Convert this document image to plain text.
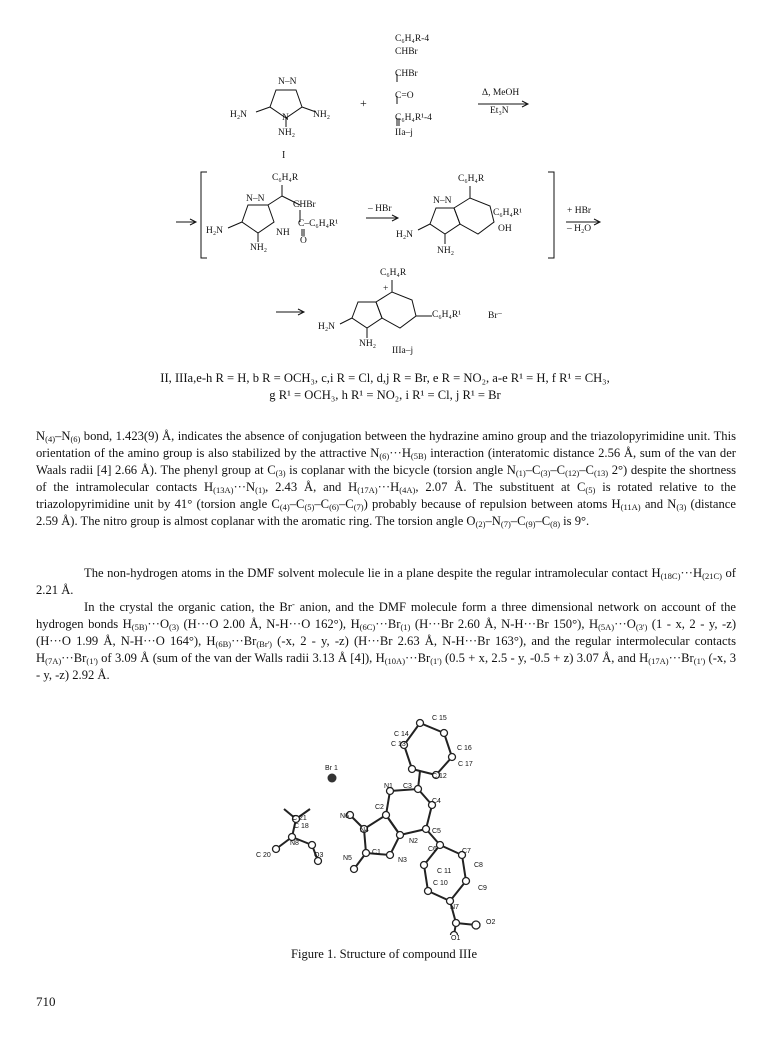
C₆H₄R-4
CHBr
CHBr
C=O
C₆H₄R¹-4
IIa–j
+
N–N
H₂N	NH₂
N
NH₂
I
Δ, MeOH
Et₃N
C₆H₄R
CHBr
N–N
C–C₆H₄R¹
O
NH
H₂N
NH₂
– HBr
C₆H₄R
N–N
C₆H₄R¹
OH
H₂N
NH₂
+ HBr
– H₂O
C₆H₄R
+
C₆H₄R¹	Br⁻
H₂N
NH₂
IIIa–j
II, IIIa,e-h R = H, b R = OCH₃, c,i R = Cl, d,j R = Br, e R = NO₂, a-e R¹ = H, f R¹ = CH₃,
g R¹ = OCH₃, h R¹ = NO₂, i R¹ = Cl, j R¹ = Br

$N_{(4)}-N_{(6)}$ bond, 1.423(9) Å, indicates the absence of conjugation between the hydrazine amino group and the triazolopyrimidine unit. This orientation of the amino group is also stabilized by the attractive $N_{(6)}\cdot\cdot\cdot H_{(5B)}$ interaction (interatomic distance 2.56 Å, sum of the van der Waals radii [4] 2.66 Å). The phenyl group at $C_{(3)}$ is coplanar with the bicycle (torsion angle $N_{(1)}-C_{(3)}-C_{(12)}-C_{(13)}$ 2°) despite the shortness of the intramolecular contacts $H_{(13A)}\cdot\cdot\cdot N_{(1)}$, 2.43 Å, and $H_{(17A)}\cdot\cdot\cdot H_{(4A)}$, 2.07 Å. The substituent at $C_{(5)}$ is rotated relative to the triazolopyrimidine unit by 41° (torsion angle $C_{(4)}-C_{(5)}-C_{(6)}-C_{(7)}$) probably because of repulsion between atoms $H_{(11A)}$ and $N_{(3)}$ (distance 2.59 Å). The nitro group is almost coplanar with the aromatic ring. The torsion angle $O_{(2)}-N_{(7)}-C_{(9)}-C_{(8)}$ is 9°.

The non-hydrogen atoms in the DMF solvent molecule lie in a plane despite the regular intramolecular contact $H_{(18C)}\cdot\cdot\cdot H_{(21C)}$ of 2.21 Å.

In the crystal the organic cation, the Br- anion, and the DMF molecule form a three dimensional network on account of the hydrogen bonds $H_{(5B)}\cdot\cdot\cdot O_{(3)}$ (H···O 2.00 Å, N-H···O 162°), $H_{(6C)}\cdot\cdot\cdot Br_{(1)}$ (H···Br 2.60 Å, N-H···Br 150°), $H_{(5A)}\cdot\cdot\cdot O_{(3')}$ (1 - x, 2 - y, -z) (H···O 1.99 Å, N-H···O 164°), $H_{(6B)}\cdot\cdot\cdot Br_{(Br')}$ (-x, 2 - y, -z) (H···Br 2.63 Å, N-H···Br 163°), and the regular intermolecular contacts $H_{(7A)}\cdot\cdot\cdot Br_{(1')}$ of 3.09 Å (sum of the van der Walls radii 3.13 Å [4]), $H_{(10A)}\cdot\cdot\cdot Br_{(1')}$ (0.5 + x, 2.5 - y, -0.5 + z) 3.07 Å, and $H_{(17A)}\cdot\cdot\cdot Br_{(1')}$ (-x, 3 - y, -z) 2.92 Å.

C 15
C 14
C 13
C 16
C 17
Br 1
C 12
N1 C3
C2
C4
N6
C 21
C 18
N4	C5
N8	N2
C6	C7
C 20	O3	N5
C1
N3
C8
C 11
C 10
C9
N7
O2
O1
Figure 1. Structure of compound IIIe
710
